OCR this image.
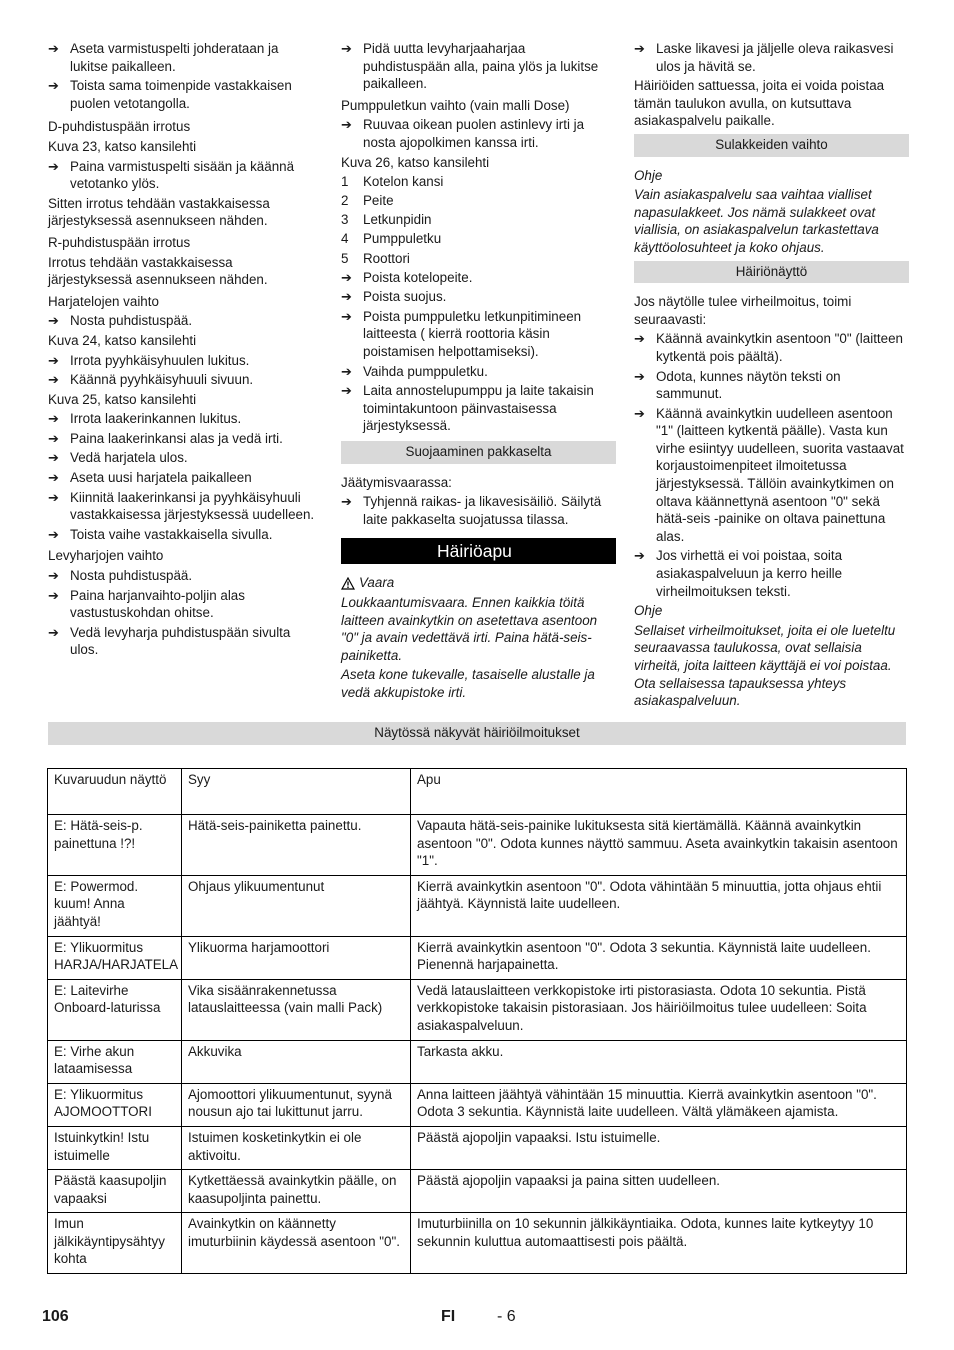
➔ Aseta varmistuspelti johderataan ja lukitse paikalleen.
➔ Toista sama toimenpide vastakkaisen puolen vetotangolla.
D-puhdistuspään irrotus
Kuva 23, katso kansilehti
➔ Paina varmistuspelti sisään ja käännä vetotanko ylös.
Sitten irrotus tehdään vastakkaisessa järjestyksessä asennukseen nähden.
R-puhdistuspään irrotus
Irrotus tehdään vastakkaisessa järjestyksessä asennukseen nähden.
Harjatelojen vaihto
➔ Nosta puhdistuspää.
Kuva 24, katso kansilehti
➔ Irrota pyyhkäisyhuulen lukitus.
➔ Käännä pyyhkäisyhuuli sivuun.
Kuva 25, katso kansilehti
➔ Irrota laakerinkannen lukitus.
➔ Paina laakerinkansi alas ja vedä irti.
➔ Vedä harjatela ulos.
➔ Aseta uusi harjatela paikalleen
➔ Kiinnitä laakerinkansi ja pyyhkäisyhuuli vastakkaisessa järjestyksessä uudelleen.
➔ Toista vaihe vastakkaisella sivulla.
Levyharjojen vaihto
➔ Nosta puhdistuspää.
➔ Paina harjanvaihto-poljin alas vastustuskohdan ohitse.
➔ Vedä levyharja puhdistuspään sivulta ulos.
➔ Pidä uutta levyharjaaharjaa puhdistuspään alla, paina ylös ja lukitse paikalleen.
Pumppuletkun vaihto (vain malli Dose)
➔ Ruuvaa oikean puolen astinlevy irti ja nosta ajopolkimen kanssa irti.
Kuva 26, katso kansilehti
1	Kotelon kansi
2	Peite
3	Letkunpidin
4	Pumppuletku
5	Roottori
➔ Poista kotelopeite.
➔ Poista suojus.
➔ Poista pumppuletku letkunpitimineen laitteesta ( kierrä roottoria käsin poistamisen helpottamiseksi).
➔ Vaihda pumppuletku.
➔ Laita annostelupumppu ja laite takaisin toimintakuntoon päinvastaisessa järjestyksessä.
Suojaaminen pakkaselta
Jäätymisvaarassa:
➔ Tyhjennä raikas- ja likavesisäiliö. Säilytä laite pakkaselta suojatussa tilassa.
Häiriöapu
Vaara
Loukkaantumisvaara. Ennen kaikkia töitä laitteen avainkytkin on asetettava asentoon "0" ja avain vedettävä irti. Paina hätä-seis-painiketta.
Aseta kone tukevalle, tasaiselle alustalle ja vedä akkupistoke irti.
➔ Laske likavesi ja jäljelle oleva raikasvesi ulos ja hävitä se.
Häiriöiden sattuessa, joita ei voida poistaa tämän taulukon avulla, on kutsuttava asiakaspalvelu paikalle.
Sulakkeiden vaihto
Ohje
Vain asiakaspalvelu saa vaihtaa vialliset napasulakkeet. Jos nämä sulakkeet ovat viallisia, on asiakaspalvelun tarkastettava käyttöolosuhteet ja koko ohjaus.
Häiriönäyttö
Jos näytölle tulee virheilmoitus, toimi seuraavasti:
➔ Käännä avainkytkin asentoon "0" (laitteen kytkentä pois päältä).
➔ Odota, kunnes näytön teksti on sammunut.
➔ Käännä avainkytkin uudelleen asentoon "1" (laitteen kytkentä päälle). Vasta kun virhe esiintyy uudelleen, suorita vastaavat korjaustoimenpiteet ilmoitetussa järjestyksessä. Tällöin avainkytkimen on oltava käännettynä asentoon "0" sekä hätä-seis -painike on oltava painettuna alas.
➔ Jos virhettä ei voi poistaa, soita asiakaspalveluun ja kerro heille virheilmoituksen teksti.
Ohje
Sellaiset virheilmoitukset, joita ei ole lueteltu seuraavassa taulukossa, ovat sellaisia virheitä, joita laitteen käyttäjä ei voi poistaa. Ota sellaisessa tapauksessa yhteys asiakaspalveluun.
Näytössä näkyvät häiriöilmoitukset
Kuvaruudun näyttö	Syy	Apu
E: Hätä-seis-p. painettuna !?!	Hätä-seis-painiketta painettu.	Vapauta hätä-seis-painike lukituksesta sitä kiertämällä. Käännä avainkytkin asentoon "0". Odota kunnes näyttö sammuu. Aseta avainkytkin takaisin asentoon "1".
E: Powermod. kuum! Anna jäähtyä!	Ohjaus ylikuumentunut	Kierrä avainkytkin asentoon "0". Odota vähintään 5 minuuttia, jotta ohjaus ehtii jäähtyä. Käynnistä laite uudelleen.
E: Ylikuormitus HARJA/HARJATELA	Ylikuorma harjamoottori	Kierrä avainkytkin asentoon "0". Odota 3 sekuntia. Käynnistä laite uudelleen. Pienennä harjapainetta.
E: Laitevirhe Onboard-laturissa	Vika sisäänrakennetussa latauslaitteessa (vain malli Pack)	Vedä latauslaitteen verkkopistoke irti pistorasiasta. Odota 10 sekuntia. Pistä verkkopistoke takaisin pistorasiaan. Jos häiriöilmoitus tulee uudelleen: Soita asiakaspalveluun.
E: Virhe akun lataamisessa	Akkuvika	Tarkasta akku.
E: Ylikuormitus AJOMOOTTORI	Ajomoottori ylikuumentunut, syynä nousun ajo tai lukittunut jarru.	Anna laitteen jäähtyä vähintään 15 minuuttia. Kierrä avainkytkin asentoon "0". Odota 3 sekuntia. Käynnistä laite uudelleen. Vältä ylämäkeen ajamista.
Istuinkytkin! Istu istuimelle	Istuimen kosketinkytkin ei ole aktivoitu.	Päästä ajopoljin vapaaksi. Istu istuimelle.
Päästä kaasupoljin vapaaksi	Kytkettäessä avainkytkin päälle, on kaasupoljinta painettu.	Päästä ajopoljin vapaaksi ja paina sitten uudelleen.
Imun jälkikäyntipysähtyy kohta	Avainkytkin on käännetty imuturbiinin käydessä asentoon "0".	Imuturbiinilla on 10 sekunnin jälkikäyntiaika. Odota, kunnes laite kytkeytyy 10 sekunnin kuluttua automaattisesti pois päältä.
106	FI	- 6
